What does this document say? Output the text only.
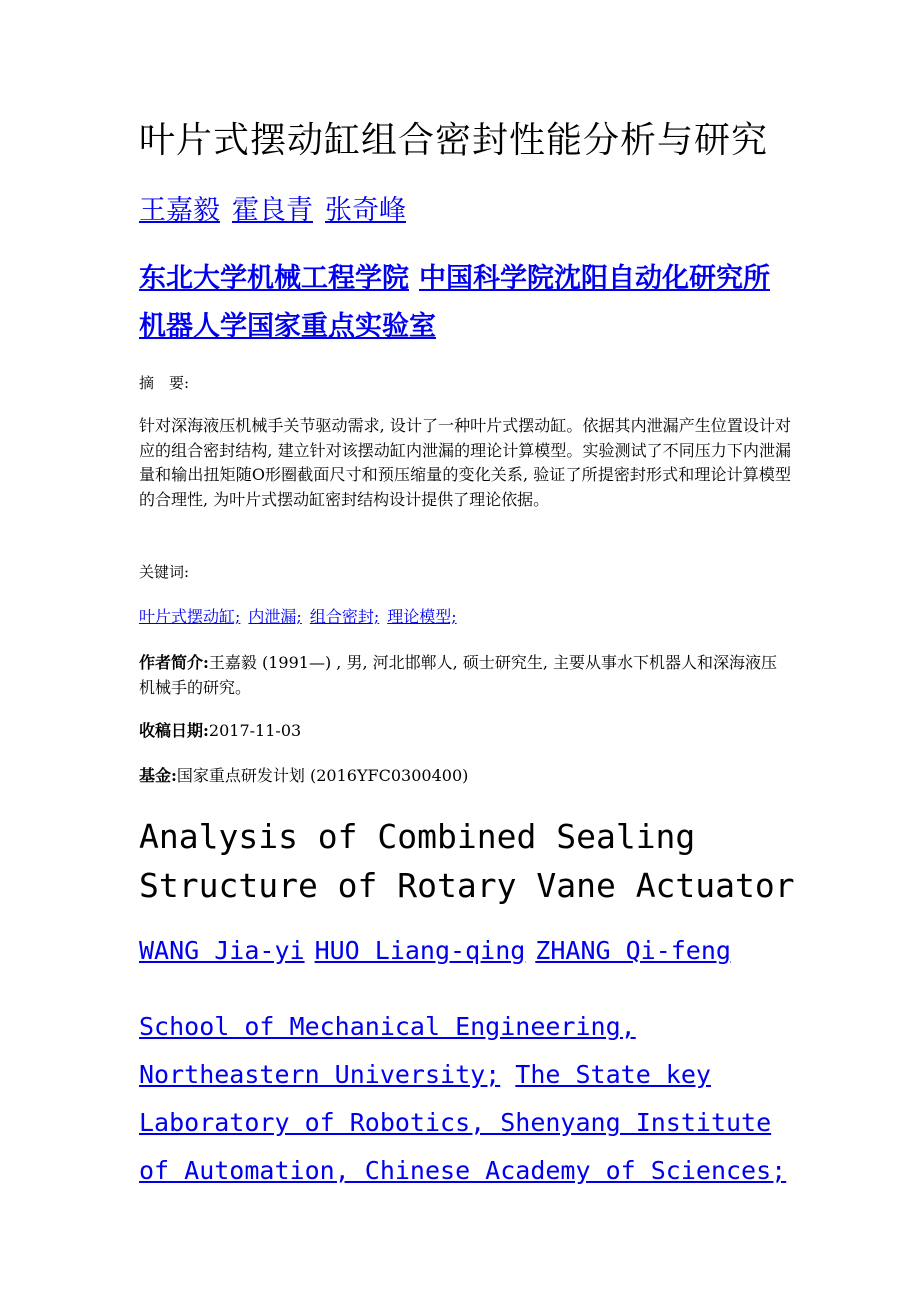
叶片式摆动缸组合密封性能分析与研究
王嘉毅 霍良青 张奇峰
东北大学机械工程学院 中国科学院沈阳自动化研究所机器人学国家重点实验室
摘　要:

针对深海液压机械手关节驱动需求, 设计了一种叶片式摆动缸。依据其内泄漏产生位置设计对应的组合密封结构, 建立针对该摆动缸内泄漏的理论计算模型。实验测试了不同压力下内泄漏量和输出扭矩随O形圈截面尺寸和预压缩量的变化关系, 验证了所提密封形式和理论计算模型的合理性, 为叶片式摆动缸密封结构设计提供了理论依据。

关键词:
叶片式摆动缸; 内泄漏; 组合密封; 理论模型;
作者简介:王嘉毅 (1991—) , 男, 河北邯郸人, 硕士研究生, 主要从事水下机器人和深海液压机械手的研究。
收稿日期:2017-11-03
基金:国家重点研发计划 (2016YFC0300400)
Analysis of Combined Sealing Structure of Rotary Vane Actuator
WANG Jia-yi HUO Liang-qing ZHANG Qi-feng
School of Mechanical Engineering, Northeastern University; The State key Laboratory of Robotics, Shenyang Institute of Automation, Chinese Academy of Sciences;
